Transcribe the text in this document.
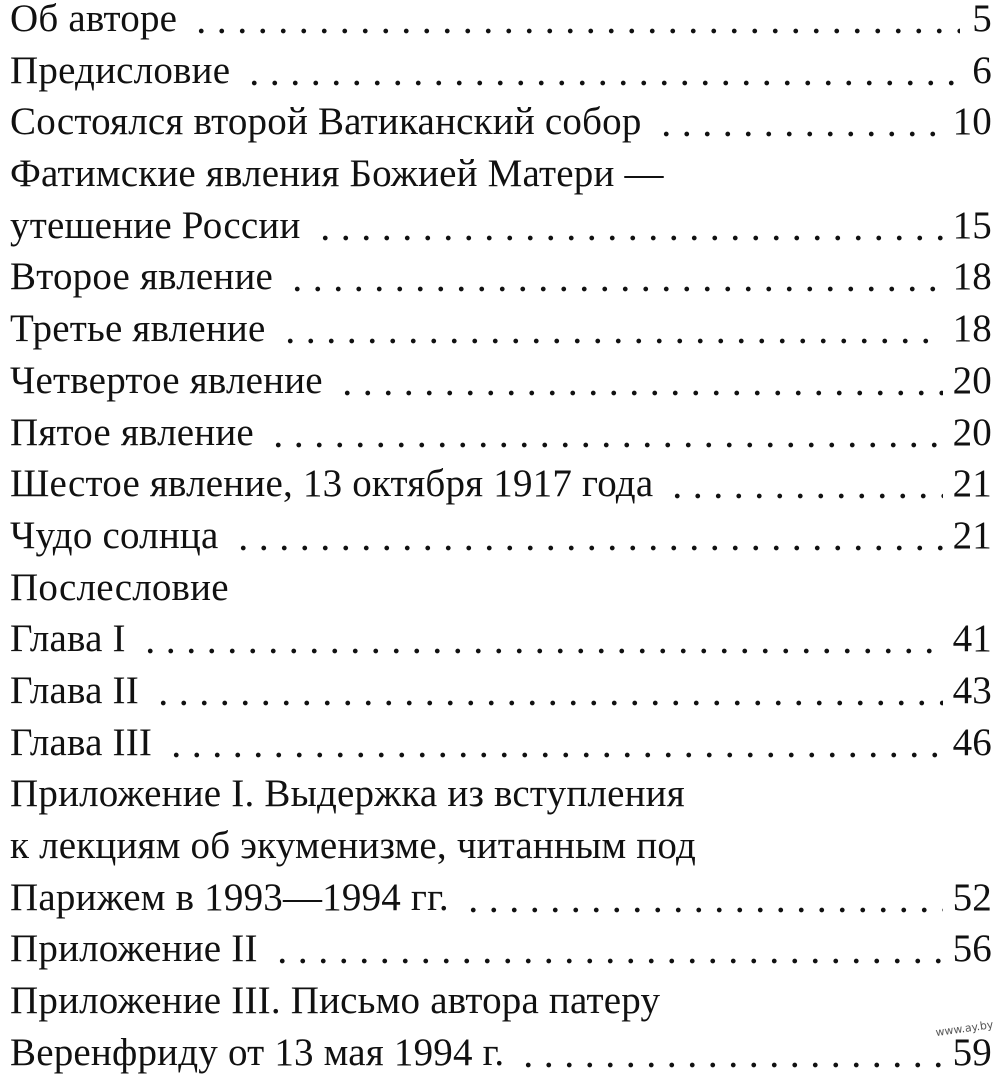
Об авторе	5
Предисловие	6
Состоялся второй Ватиканский собор	10
Фатимские явления Божией Матери —
утешение России	15
Второе явление	18
Третье явление	18
Четвертое явление	20
Пятое явление	20
Шестое явление, 13 октября 1917 года	21
Чудо солнца	21
Послесловие
Глава I	41
Глава II	43
Глава III	46
Приложение I. Выдержка из вступления
к лекциям об экуменизме, читанным под
Парижем в 1993—1994 гг.	52
Приложение II	56
Приложение III. Письмо автора патеру
Веренфриду от 13 мая 1994 г.	59
www.ay.by
